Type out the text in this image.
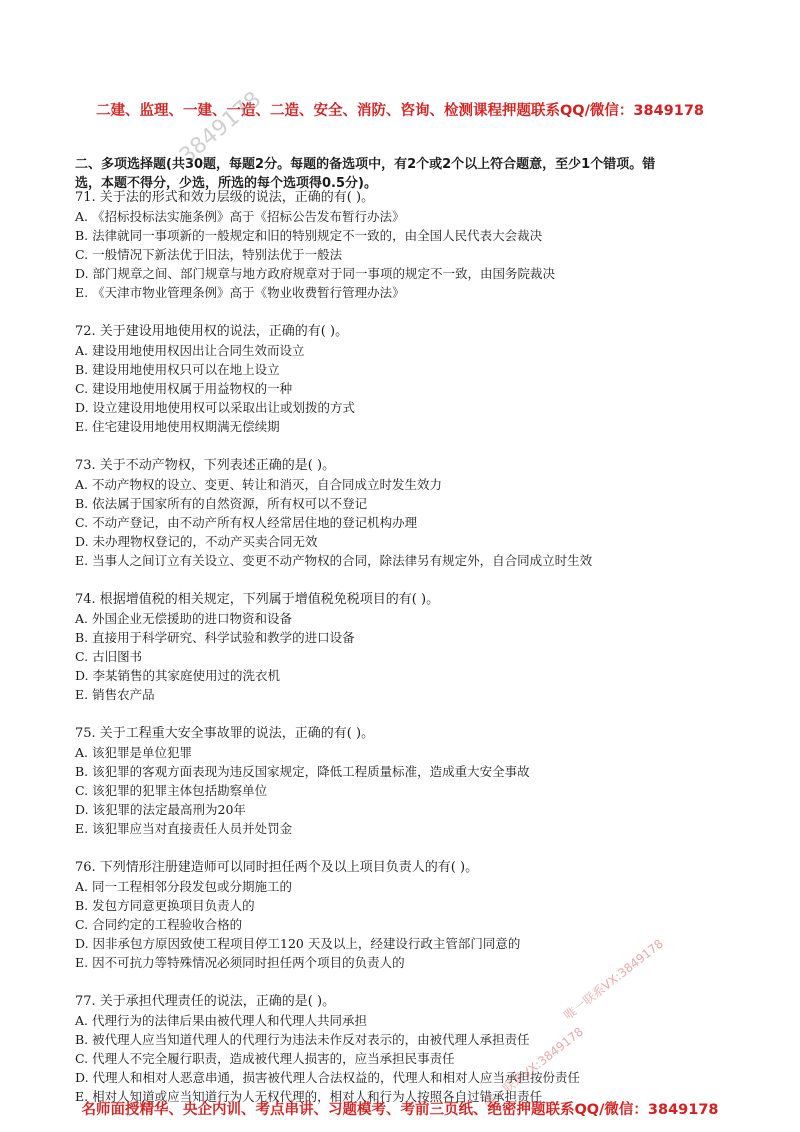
二建、监理、一建、一造、二造、安全、消防、咨询、检测课程押题联系QQ/微信：3849178
二、多项选择题(共30题，每题2分。每题的备选项中，有2个或2个以上符合题意，至少1个错项。错
选，本题不得分，少选，所选的每个选项得0.5分)。
71. 关于法的形式和效力层级的说法，正确的有( )。
A. 《招标投标法实施条例》高于《招标公告发布暂行办法》
B. 法律就同一事项新的一般规定和旧的特别规定不一致的，由全国人民代表大会裁决
C. 一般情况下新法优于旧法，特别法优于一般法
D. 部门规章之间、部门规章与地方政府规章对于同一事项的规定不一致，由国务院裁决
E. 《天津市物业管理条例》高于《物业收费暂行管理办法》
72. 关于建设用地使用权的说法，正确的有( )。
A. 建设用地使用权因出让合同生效而设立
B. 建设用地使用权只可以在地上设立
C. 建设用地使用权属于用益物权的一种
D. 设立建设用地使用权可以采取出让或划拨的方式
E. 住宅建设用地使用权期满无偿续期
73. 关于不动产物权，下列表述正确的是( )。
A. 不动产物权的设立、变更、转让和消灭，自合同成立时发生效力
B. 依法属于国家所有的自然资源，所有权可以不登记
C. 不动产登记，由不动产所有权人经常居住地的登记机构办理
D. 未办理物权登记的，不动产买卖合同无效
E. 当事人之间订立有关设立、变更不动产物权的合同，除法律另有规定外，自合同成立时生效
74. 根据增值税的相关规定，下列属于增值税免税项目的有( )。
A. 外国企业无偿援助的进口物资和设备
B. 直接用于科学研究、科学试验和教学的进口设备
C. 古旧图书
D. 李某销售的其家庭使用过的洗衣机
E. 销售农产品
75. 关于工程重大安全事故罪的说法，正确的有( )。
A. 该犯罪是单位犯罪
B. 该犯罪的客观方面表现为违反国家规定，降低工程质量标准，造成重大安全事故
C. 该犯罪的犯罪主体包括勘察单位
D. 该犯罪的法定最高刑为20年
E. 该犯罪应当对直接责任人员并处罚金
76. 下列情形注册建造师可以同时担任两个及以上项目负责人的有( )。
A. 同一工程相邻分段发包或分期施工的
B. 发包方同意更换项目负责人的
C. 合同约定的工程验收合格的
D. 因非承包方原因致使工程项目停工120 天及以上，经建设行政主管部门同意的
E. 因不可抗力等特殊情况必须同时担任两个项目的负责人的
77. 关于承担代理责任的说法，正确的是( )。
A. 代理行为的法律后果由被代理人和代理人共同承担
B. 被代理人应当知道代理人的代理行为违法未作反对表示的，由被代理人承担责任
C. 代理人不完全履行职责，造成被代理人损害的，应当承担民事责任
D. 代理人和相对人恶意串通，损害被代理人合法权益的，代理人和相对人应当承担按份责任
E. 相对人知道或应当知道行为人无权代理的，相对人和行为人按照各自过错承担责任
名师面授精华、央企内训、考点串讲、习题模考、考前三页纸、绝密押题联系QQ/微信：3849178
3849178
唯一联系VX:3849178
唯一联系VX:3849178
